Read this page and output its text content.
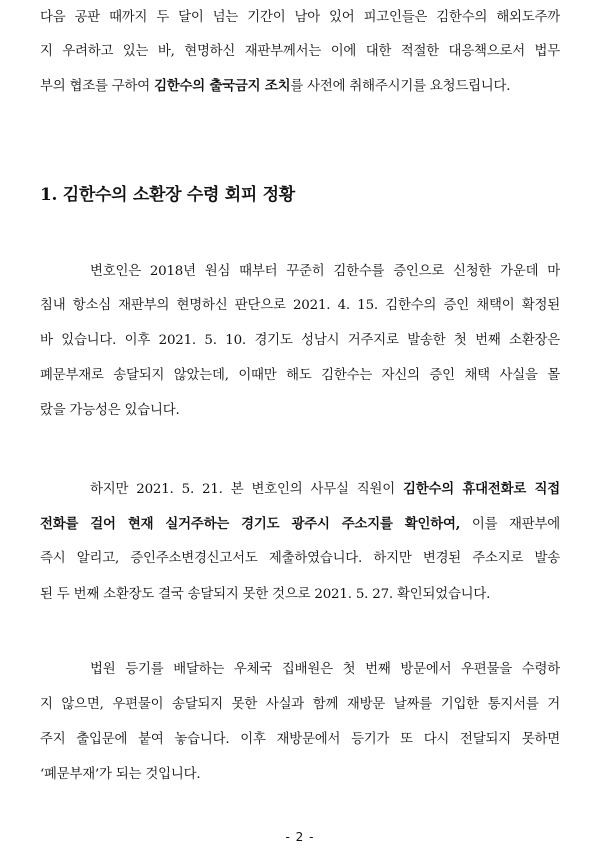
다음 공판 때까지 두 달이 넘는 기간이 남아 있어 피고인들은 김한수의 해외도주까
지 우려하고 있는 바, 현명하신 재판부께서는 이에 대한 적절한 대응책으로서 법무
부의 협조를 구하여 김한수의 출국금지 조치를 사전에 취해주시기를 요청드립니다.
1. 김한수의 소환장 수령 회피 정황
변호인은 2018년 원심 때부터 꾸준히 김한수를 증인으로 신청한 가운데 마
침내 항소심 재판부의 현명하신 판단으로 2021. 4. 15. 김한수의 증인 채택이 확정된
바 있습니다. 이후 2021. 5. 10. 경기도 성남시 거주지로 발송한 첫 번째 소환장은
폐문부재로 송달되지 않았는데, 이때만 해도 김한수는 자신의 증인 채택 사실을 몰
랐을 가능성은 있습니다.
하지만 2021. 5. 21. 본 변호인의 사무실 직원이 김한수의 휴대전화로 직접
전화를 걸어 현재 실거주하는 경기도 광주시 주소지를 확인하여, 이를 재판부에
즉시 알리고, 증인주소변경신고서도 제출하였습니다. 하지만 변경된 주소지로 발송
된 두 번째 소환장도 결국 송달되지 못한 것으로 2021. 5. 27. 확인되었습니다.
법원 등기를 배달하는 우체국 집배원은 첫 번째 방문에서 우편물을 수령하
지 않으면, 우편물이 송달되지 못한 사실과 함께 재방문 날짜를 기입한 통지서를 거
주지 출입문에 붙여 놓습니다. 이후 재방문에서 등기가 또 다시 전달되지 못하면
‘폐문부재’가 되는 것입니다.
- 2 -
